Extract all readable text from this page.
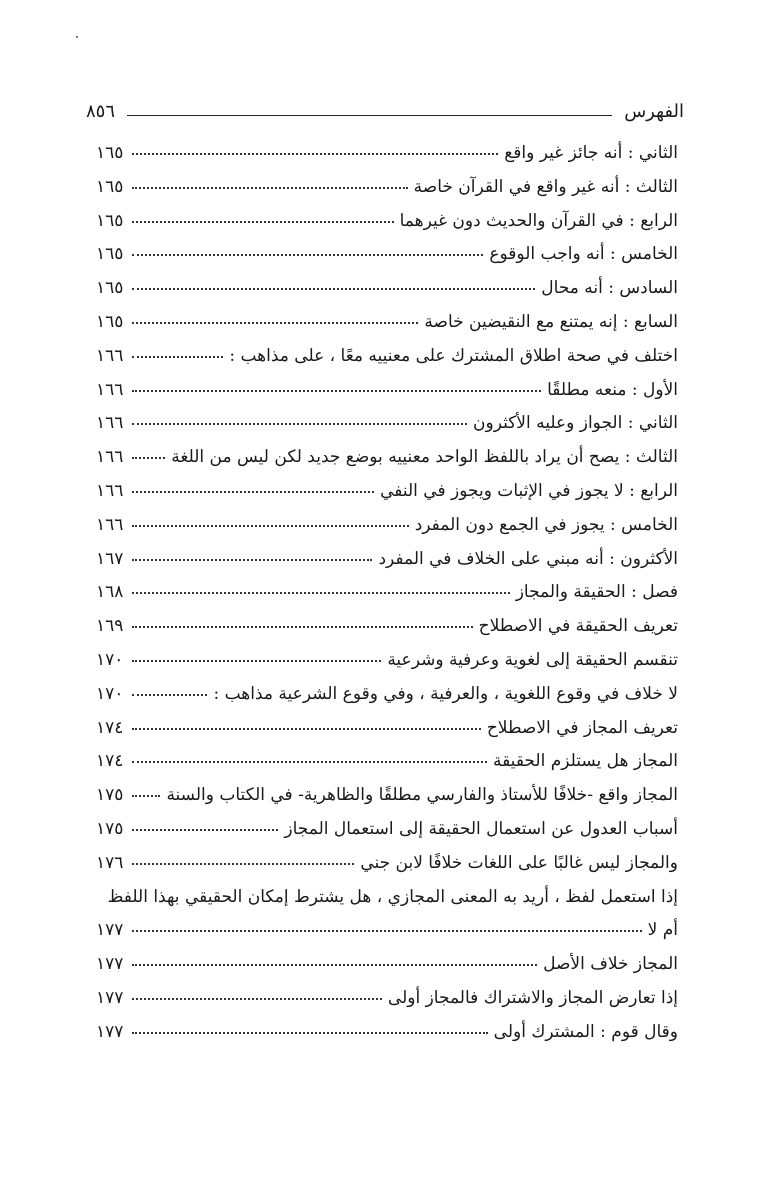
٨٥٦	الفهرس
الثاني : أنه جائز غير واقع
١٦٥
الثالث : أنه غير واقع في القرآن خاصة
١٦٥
الرابع : في القرآن والحديث دون غيرهما
١٦٥
الخامس : أنه واجب الوقوع
١٦٥
السادس : أنه محال
١٦٥
السابع : إنه يمتنع مع النقيضين خاصة
١٦٥
اختلف في صحة اطلاق المشترك على معنييه معًا ، على مذاهب :
١٦٦
الأول : منعه مطلقًا
١٦٦
الثاني : الجواز وعليه الأكثرون
١٦٦
الثالث : يصح أن يراد باللفظ الواحد معنييه بوضع جديد لكن ليس من اللغة
١٦٦
الرابع : لا يجوز في الإثبات ويجوز في النفي
١٦٦
الخامس : يجوز في الجمع دون المفرد
١٦٦
الأكثرون : أنه مبني على الخلاف في المفرد
١٦٧
فصل : الحقيقة والمجاز
١٦٨
تعريف الحقيقة في الاصطلاح
١٦٩
تنقسم الحقيقة إلى لغوية وعرفية وشرعية
١٧٠
لا خلاف في وقوع اللغوية ، والعرفية ، وفي وقوع الشرعية مذاهب :
١٧٠
تعريف المجاز في الاصطلاح
١٧٤
المجاز هل يستلزم الحقيقة
١٧٤
المجاز واقع -خلافًا للأستاذ والفارسي مطلقًا والظاهرية- في الكتاب والسنة
١٧٥
أسباب العدول عن استعمال الحقيقة إلى استعمال المجاز
١٧٥
والمجاز ليس غالبًا على اللغات خلافًا لابن جني
١٧٦
إذا استعمل لفظ ، أريد به المعنى المجازي ، هل يشترط إمكان الحقيقي بهذا اللفظ
أم لا
١٧٧
المجاز خلاف الأصل
١٧٧
إذا تعارض المجاز والاشتراك فالمجاز أولى
١٧٧
وقال قوم : المشترك أولى
١٧٧
